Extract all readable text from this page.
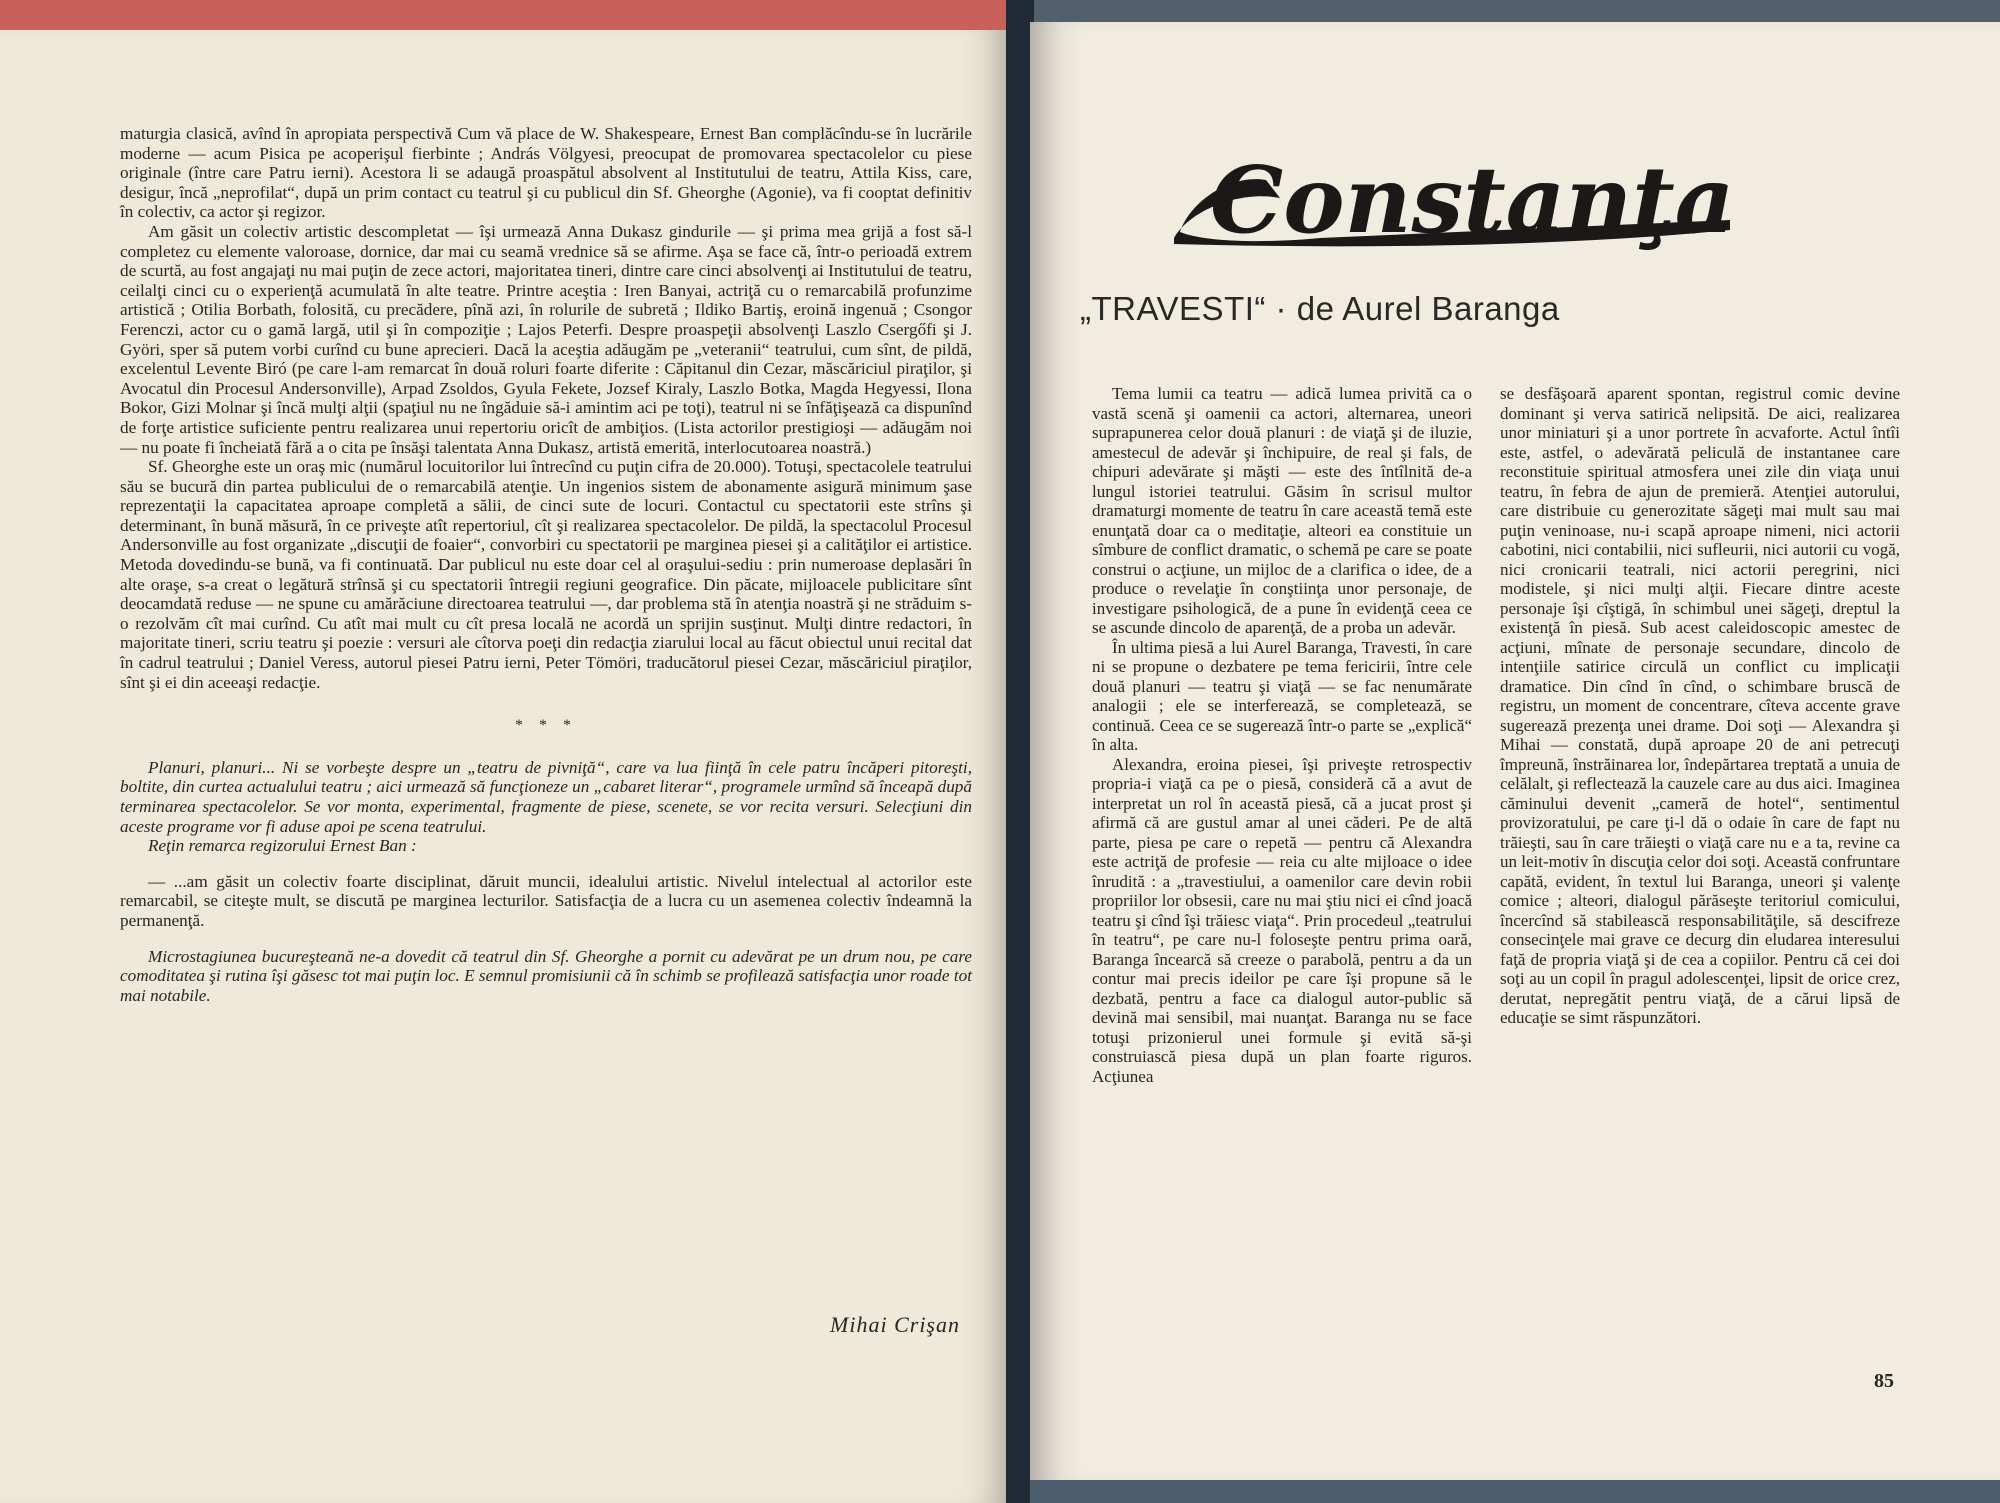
maturgia clasică, avînd în apropiata perspectivă Cum vă place de W. Shakespeare, Ernest Ban complăcîndu-se în lucrările moderne — acum Pisica pe acoperişul fierbinte ; András Völgyesi, preocupat de promovarea spectacolelor cu piese originale (între care Patru ierni). Acestora li se adaugă proaspătul absolvent al Institutului de teatru, Attila Kiss, care, desigur, încă „neprofilat“, după un prim contact cu teatrul şi cu publicul din Sf. Gheorghe (Agonie), va fi cooptat definitiv în colectiv, ca actor şi regizor.

Am găsit un colectiv artistic descompletat — îşi urmează Anna Dukasz gindurile — şi prima mea grijă a fost să-l completez cu elemente valoroase, dornice, dar mai cu seamă vrednice să se afirme. Aşa se face că, într-o perioadă extrem de scurtă, au fost angajaţi nu mai puţin de zece actori, majoritatea tineri, dintre care cinci absolvenţi ai Institutului de teatru, ceilalţi cinci cu o experienţă acumulată în alte teatre. Printre aceştia : Iren Banyai, actriţă cu o remarcabilă profunzime artistică ; Otilia Borbath, folosită, cu precădere, pînă azi, în rolurile de subretă ; Ildiko Bartiş, eroină ingenuă ; Csongor Ferenczi, actor cu o gamă largă, util şi în compoziţie ; Lajos Peterfi. Despre proaspeţii absolvenţi Laszlo Csergőfi şi J. Györi, sper să putem vorbi curînd cu bune aprecieri. Dacă la aceştia adăugăm pe „veteranii“ teatrului, cum sînt, de pildă, excelentul Levente Biró (pe care l-am remarcat în două roluri foarte diferite : Căpitanul din Cezar, măscăriciul piraţilor, şi Avocatul din Procesul Andersonville), Arpad Zsoldos, Gyula Fekete, Jozsef Kiraly, Laszlo Botka, Magda Hegyessi, Ilona Bokor, Gizi Molnar şi încă mulţi alţii (spaţiul nu ne îngăduie să-i amintim aci pe toţi), teatrul ni se înfăţişează ca dispunînd de forţe artistice suficiente pentru realizarea unui repertoriu oricît de ambiţios. (Lista actorilor prestigioşi — adăugăm noi — nu poate fi încheiată fără a o cita pe însăşi talentata Anna Dukasz, artistă emerită, interlocutoarea noastră.)

Sf. Gheorghe este un oraş mic (numărul locuitorilor lui întrecînd cu puţin cifra de 20.000). Totuşi, spectacolele teatrului său se bucură din partea publicului de o remarcabilă atenţie. Un ingenios sistem de abonamente asigură minimum şase reprezentaţii la capacitatea aproape completă a sălii, de cinci sute de locuri. Contactul cu spectatorii este strîns şi determinant, în bună măsură, în ce priveşte atît repertoriul, cît şi realizarea spectacolelor. De pildă, la spectacolul Procesul Andersonville au fost organizate „discuţii de foaier“, convorbiri cu spectatorii pe marginea piesei şi a calităţilor ei artistice. Metoda dovedindu-se bună, va fi continuată. Dar publicul nu este doar cel al oraşului-sediu : prin numeroase deplasări în alte oraşe, s-a creat o legătură strînsă şi cu spectatorii întregii regiuni geografice. Din păcate, mijloacele publicitare sînt deocamdată reduse — ne spune cu amărăciune directoarea teatrului —, dar problema stă în atenţia noastră şi ne străduim s-o rezolvăm cît mai curînd. Cu atît mai mult cu cît presa locală ne acordă un sprijin susţinut. Mulţi dintre redactori, în majoritate tineri, scriu teatru şi poezie : versuri ale cîtorva poeţi din redacţia ziarului local au făcut obiectul unui recital dat în cadrul teatrului ; Daniel Veress, autorul piesei Patru ierni, Peter Tömöri, traducătorul piesei Cezar, măscăriciul piraţilor, sînt şi ei din aceeaşi redacţie.

* * *

Planuri, planuri... Ni se vorbeşte despre un „teatru de pivniţă“, care va lua fiinţă în cele patru încăperi pitoreşti, boltite, din curtea actualului teatru ; aici urmează să funcţioneze un „cabaret literar“, programele urmînd să înceapă după terminarea spectacolelor. Se vor monta, experimental, fragmente de piese, scenete, se vor recita versuri. Selecţiuni din aceste programe vor fi aduse apoi pe scena teatrului.

Reţin remarca regizorului Ernest Ban :

— ...am găsit un colectiv foarte disciplinat, dăruit muncii, idealului artistic. Nivelul intelectual al actorilor este remarcabil, se citeşte mult, se discută pe marginea lecturilor. Satisfacţia de a lucra cu un asemenea colectiv îndeamnă la permanenţă.

Microstagiunea bucureşteană ne-a dovedit că teatrul din Sf. Gheorghe a pornit cu adevărat pe un drum nou, pe care comoditatea şi rutina îşi găsesc tot mai puţin loc. E semnul promisiunii că în schimb se profilează satisfacţia unor roade tot mai notabile.

Mihai Crişan
Constanţa
„TRAVESTI“ · de Aurel Baranga

Tema lumii ca teatru — adică lumea privită ca o vastă scenă şi oamenii ca actori, alternarea, uneori suprapunerea celor două planuri : de viaţă şi de iluzie, amestecul de adevăr şi închipuire, de real şi fals, de chipuri adevărate şi măşti — este des întîlnită de-a lungul istoriei teatrului. Găsim în scrisul multor dramaturgi momente de teatru în care această temă este enunţată doar ca o meditaţie, alteori ea constituie un sîmbure de conflict dramatic, o schemă pe care se poate construi o acţiune, un mijloc de a clarifica o idee, de a produce o revelaţie în conştiinţa unor personaje, de investigare psihologică, de a pune în evidenţă ceea ce se ascunde dincolo de aparenţă, de a proba un adevăr.

În ultima piesă a lui Aurel Baranga, Travesti, în care ni se propune o dezbatere pe tema fericirii, între cele două planuri — teatru şi viaţă — se fac nenumărate analogii ; ele se interferează, se completează, se continuă. Ceea ce se sugerează într-o parte se „explică“ în alta.

Alexandra, eroina piesei, îşi priveşte retrospectiv propria-i viaţă ca pe o piesă, consideră că a avut de interpretat un rol în această piesă, că a jucat prost şi afirmă că are gustul amar al unei căderi. Pe de altă parte, piesa pe care o repetă — pentru că Alexandra este actriţă de profesie — reia cu alte mijloace o idee înrudită : a „travestiului, a oamenilor care devin robii propriilor lor obsesii, care nu mai ştiu nici ei cînd joacă teatru şi cînd îşi trăiesc viaţa“. Prin procedeul „teatrului în teatru“, pe care nu-l foloseşte pentru prima oară, Baranga încearcă să creeze o parabolă, pentru a da un contur mai precis ideilor pe care îşi propune să le dezbată, pentru a face ca dialogul autor-public să devină mai sensibil, mai nuanţat. Baranga nu se face totuşi prizonierul unei formule şi evită să-şi construiască piesa după un plan foarte riguros. Acţiunea

se desfăşoară aparent spontan, registrul comic devine dominant şi verva satirică nelipsită. De aici, realizarea unor miniaturi şi a unor portrete în acvaforte. Actul întîi este, astfel, o adevărată peliculă de instantanee care reconstituie spiritual atmosfera unei zile din viaţa unui teatru, în febra de ajun de premieră. Atenţiei autorului, care distribuie cu generozitate săgeţi mai mult sau mai puţin veninoase, nu-i scapă aproape nimeni, nici actorii cabotini, nici contabilii, nici sufleurii, nici autorii cu vogă, nici cronicarii teatrali, nici actorii peregrini, nici modistele, şi nici mulţi alţii. Fiecare dintre aceste personaje îşi cîştigă, în schimbul unei săgeţi, dreptul la existenţă în piesă. Sub acest caleidoscopic amestec de acţiuni, mînate de personaje secundare, dincolo de intenţiile satirice circulă un conflict cu implicaţii dramatice. Din cînd în cînd, o schimbare bruscă de registru, un moment de concentrare, cîteva accente grave sugerează prezenţa unei drame. Doi soţi — Alexandra şi Mihai — constată, după aproape 20 de ani petrecuţi împreună, înstrăinarea lor, îndepărtarea treptată a unuia de celălalt, şi reflectează la cauzele care au dus aici. Imaginea căminului devenit „cameră de hotel“, sentimentul provizoratului, pe care ţi-l dă o odaie în care de fapt nu trăieşti, sau în care trăieşti o viaţă care nu e a ta, revine ca un leit-motiv în discuţia celor doi soţi. Această confruntare capătă, evident, în textul lui Baranga, uneori şi valenţe comice ; alteori, dialogul părăseşte teritoriul comicului, încercînd să stabilească responsabilităţile, să descifreze consecinţele mai grave ce decurg din eludarea interesului faţă de propria viaţă şi de cea a copiilor. Pentru că cei doi soţi au un copil în pragul adolescenţei, lipsit de orice crez, derutat, nepregătit pentru viaţă, de a cărui lipsă de educaţie se simt răspunzători.

85
